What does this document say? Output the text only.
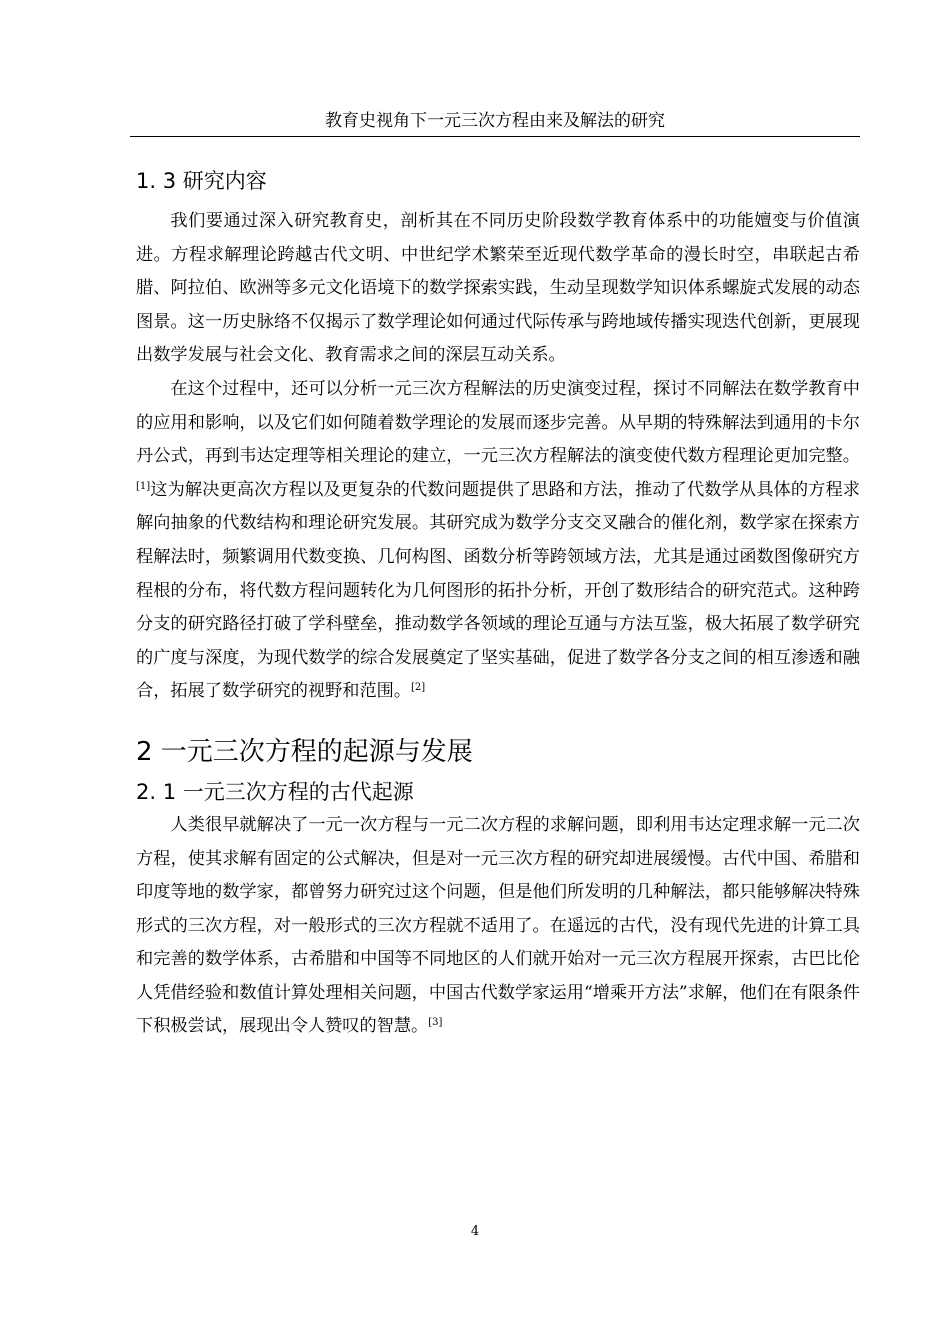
教育史视角下一元三次方程由来及解法的研究
1. 3 研究内容

我们要通过深入研究教育史，剖析其在不同历史阶段数学教育体系中的功能嬗变与价值演进。方程求解理论跨越古代文明、中世纪学术繁荣至近现代数学革命的漫长时空，串联起古希腊、阿拉伯、欧洲等多元文化语境下的数学探索实践，生动呈现数学知识体系螺旋式发展的动态图景。这一历史脉络不仅揭示了数学理论如何通过代际传承与跨地域传播实现迭代创新，更展现出数学发展与社会文化、教育需求之间的深层互动关系。

在这个过程中，还可以分析一元三次方程解法的历史演变过程，探讨不同解法在数学教育中的应用和影响，以及它们如何随着数学理论的发展而逐步完善。从早期的特殊解法到通用的卡尔丹公式，再到韦达定理等相关理论的建立，一元三次方程解法的演变使代数方程理论更加完整。[1]这为解决更高次方程以及更复杂的代数问题提供了思路和方法，推动了代数学从具体的方程求解向抽象的代数结构和理论研究发展。其研究成为数学分支交叉融合的催化剂，数学家在探索方程解法时，频繁调用代数变换、几何构图、函数分析等跨领域方法，尤其是通过函数图像研究方程根的分布，将代数方程问题转化为几何图形的拓扑分析，开创了数形结合的研究范式。这种跨分支的研究路径打破了学科壁垒，推动数学各领域的理论互通与方法互鉴，极大拓展了数学研究的广度与深度，为现代数学的综合发展奠定了坚实基础，促进了数学各分支之间的相互渗透和融合，拓展了数学研究的视野和范围。[2]

2 一元三次方程的起源与发展
2. 1 一元三次方程的古代起源

人类很早就解决了一元一次方程与一元二次方程的求解问题，即利用韦达定理求解一元二次方程，使其求解有固定的公式解决，但是对一元三次方程的研究却进展缓慢。古代中国、希腊和印度等地的数学家，都曾努力研究过这个问题，但是他们所发明的几种解法，都只能够解决特殊形式的三次方程，对一般形式的三次方程就不适用了。在遥远的古代，没有现代先进的计算工具和完善的数学体系，古希腊和中国等不同地区的人们就开始对一元三次方程展开探索，古巴比伦人凭借经验和数值计算处理相关问题，中国古代数学家运用“增乘开方法”求解，他们在有限条件下积极尝试，展现出令人赞叹的智慧。[3]

4
